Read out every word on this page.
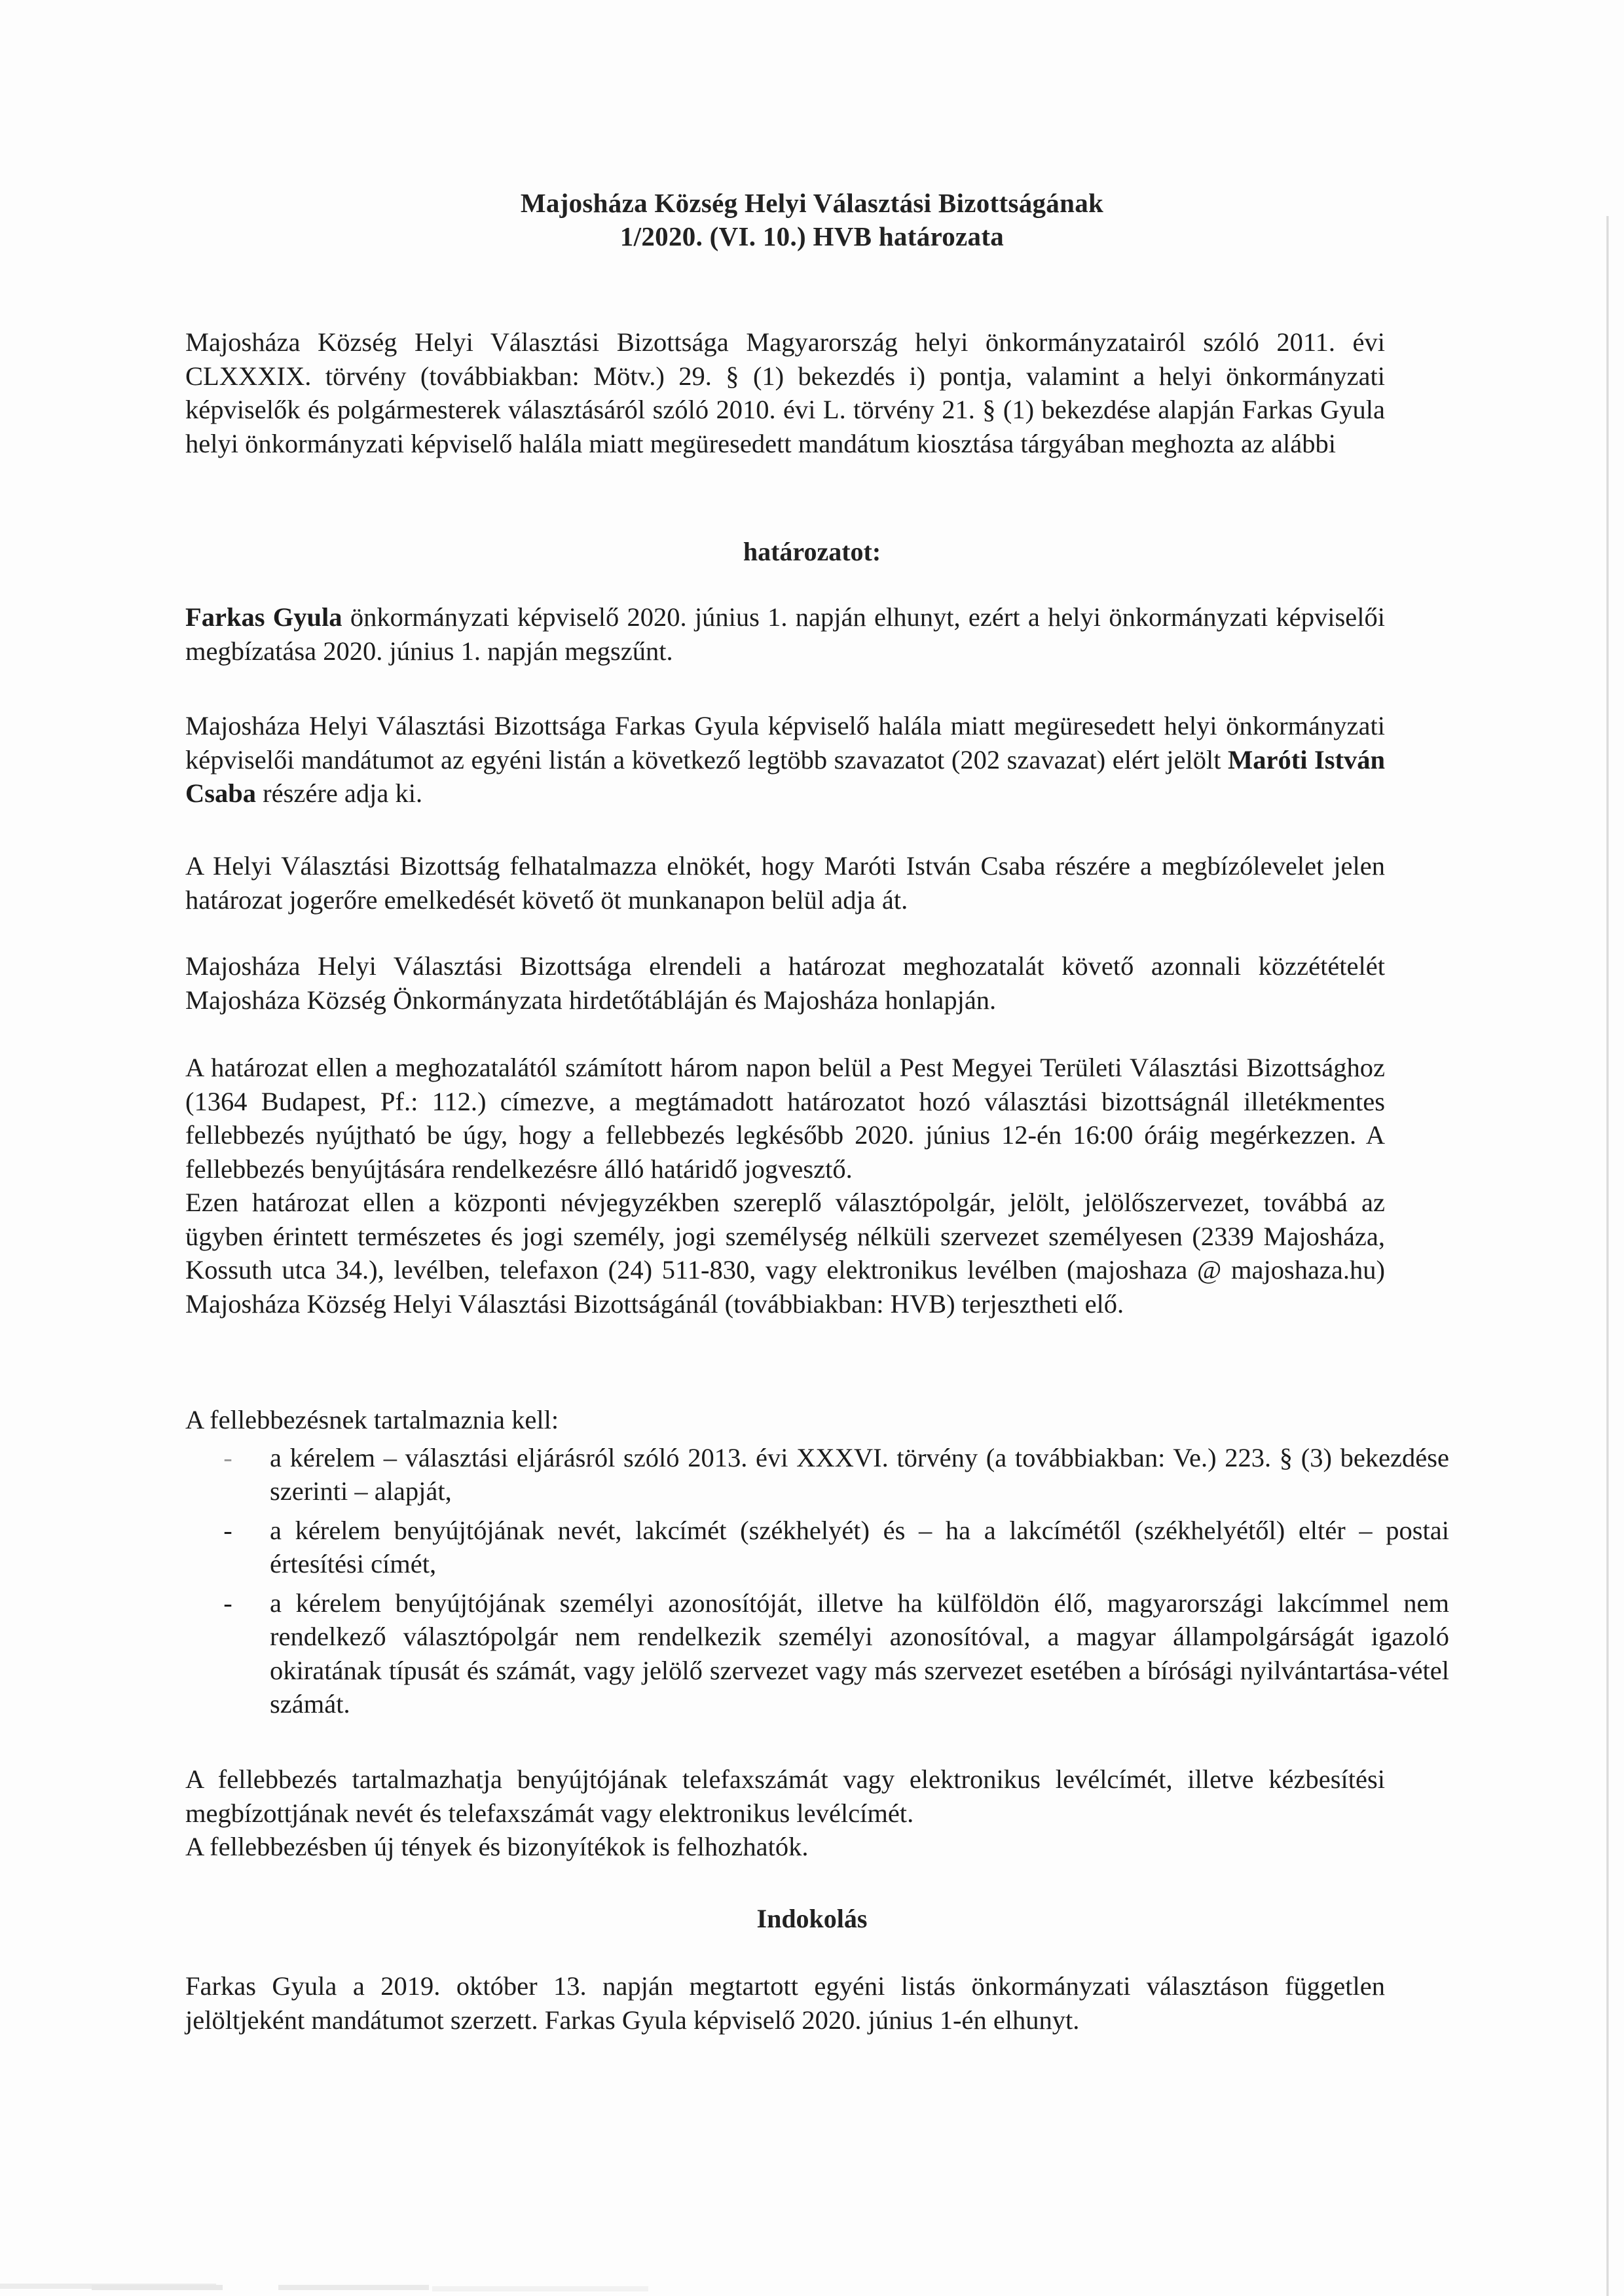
Majosháza Község Helyi Választási Bizottságának
1/2020. (VI. 10.) HVB határozata

Majosháza Község Helyi Választási Bizottsága Magyarország helyi önkormányzatairól szóló 2011. évi CLXXXIX. törvény (továbbiakban: Mötv.) 29. § (1) bekezdés i) pontja, valamint a helyi önkormányzati képviselők és polgármesterek választásáról szóló 2010. évi L. törvény 21. § (1) bekezdése alapján Farkas Gyula helyi önkormányzati képviselő halála miatt megüresedett mandátum kiosztása tárgyában meghozta az alábbi

határozatot:

Farkas Gyula önkormányzati képviselő 2020. június 1. napján elhunyt, ezért a helyi önkormányzati képviselői megbízatása 2020. június 1. napján megszűnt.

Majosháza Helyi Választási Bizottsága Farkas Gyula képviselő halála miatt megüresedett helyi önkormányzati képviselői mandátumot az egyéni listán a következő legtöbb szavazatot (202 szavazat) elért jelölt Maróti István Csaba részére adja ki.

A Helyi Választási Bizottság felhatalmazza elnökét, hogy Maróti István Csaba részére a megbízólevelet jelen határozat jogerőre emelkedését követő öt munkanapon belül adja át.

Majosháza Helyi Választási Bizottsága elrendeli a határozat meghozatalát követő azonnali közzétételét Majosháza Község Önkormányzata hirdetőtábláján és Majosháza honlapján.

A határozat ellen a meghozatalától számított három napon belül a Pest Megyei Területi Választási Bizottsághoz (1364 Budapest, Pf.: 112.) címezve, a megtámadott határozatot hozó választási bizottságnál illetékmentes fellebbezés nyújtható be úgy, hogy a fellebbezés legkésőbb 2020. június 12-én 16:00 óráig megérkezzen. A fellebbezés benyújtására rendelkezésre álló határidő jogvesztő.

Ezen határozat ellen a központi névjegyzékben szereplő választópolgár, jelölt, jelölőszervezet, továbbá az ügyben érintett természetes és jogi személy, jogi személység nélküli szervezet személyesen (2339 Majosháza, Kossuth utca 34.), levélben, telefaxon (24) 511-830, vagy elektronikus levélben (majoshaza @ majoshaza.hu) Majosháza Község Helyi Választási Bizottságánál (továbbiakban: HVB) terjesztheti elő.

A fellebbezésnek tartalmaznia kell:

- a kérelem – választási eljárásról szóló 2013. évi XXXVI. törvény (a továbbiakban: Ve.) 223. § (3) bekezdése szerinti – alapját,

- a kérelem benyújtójának nevét, lakcímét (székhelyét) és – ha a lakcímétől (székhelyétől) eltér – postai értesítési címét,

- a kérelem benyújtójának személyi azonosítóját, illetve ha külföldön élő, magyarországi lakcímmel nem rendelkező választópolgár nem rendelkezik személyi azonosítóval, a magyar állampolgárságát igazoló okiratának típusát és számát, vagy jelölő szervezet vagy más szervezet esetében a bírósági nyilvántartása-vétel számát.

A fellebbezés tartalmazhatja benyújtójának telefaxszámát vagy elektronikus levélcímét, illetve kézbesítési megbízottjának nevét és telefaxszámát vagy elektronikus levélcímét.

A fellebbezésben új tények és bizonyítékok is felhozhatók.

Indokolás

Farkas Gyula a 2019. október 13. napján megtartott egyéni listás önkormányzati választáson független jelöltjeként mandátumot szerzett. Farkas Gyula képviselő 2020. június 1-én elhunyt.
